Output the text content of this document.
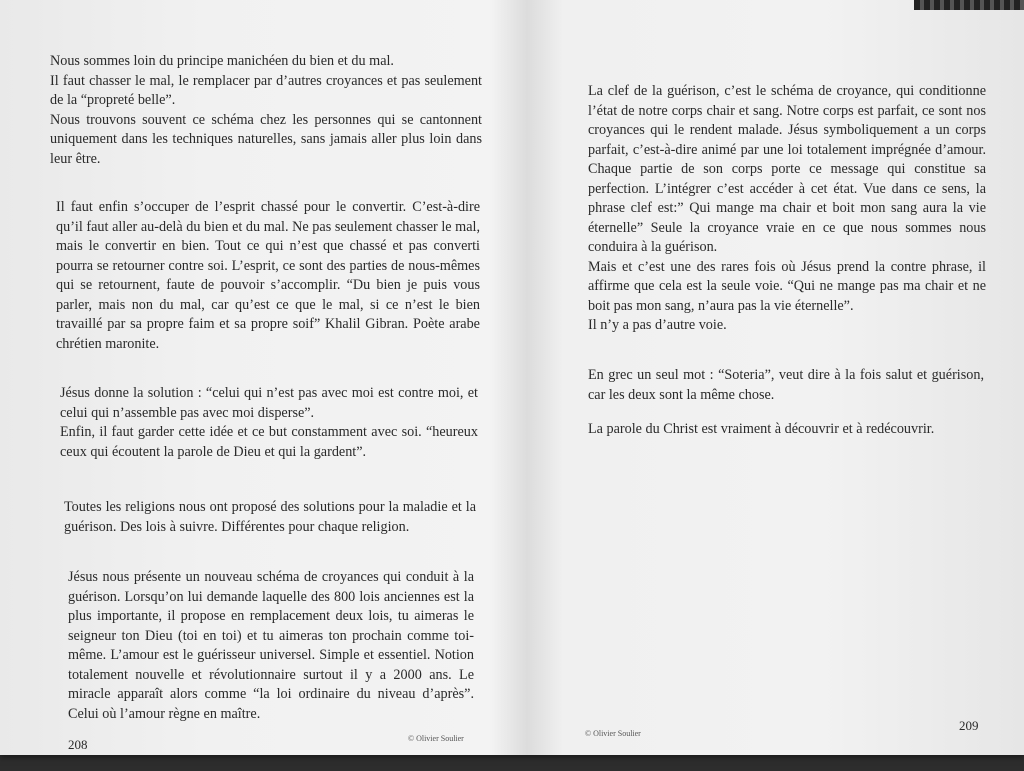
Nous sommes loin du principe manichéen du bien et du mal.

Il faut chasser le mal, le remplacer par d’autres croyances et pas seulement de la “propreté belle”.

Nous trouvons souvent ce schéma chez les personnes qui se cantonnent uniquement dans les techniques naturelles, sans jamais aller plus loin dans leur être.

Il faut enfin s’occuper de l’esprit chassé pour le convertir. C’est-à-dire qu’il faut aller au-delà du bien et du mal. Ne pas seulement chasser le mal, mais le convertir en bien. Tout ce qui n’est que chassé et pas converti pourra se retourner contre soi. L’esprit, ce sont des parties de nous-mêmes qui se retournent, faute de pouvoir s’accomplir. “Du bien je puis vous parler, mais non du mal, car qu’est ce que le mal, si ce n’est le bien travaillé par sa propre faim et sa propre soif” Khalil Gibran. Poète arabe chrétien maronite.

Jésus donne la solution : “celui qui n’est pas avec moi est contre moi, et celui qui n’assemble pas avec moi disperse”.

Enfin, il faut garder cette idée et ce but constamment avec soi. “heureux ceux qui écoutent la parole de Dieu et qui la gardent”.

Toutes les religions nous ont proposé des solutions pour la maladie et la guérison. Des lois à suivre. Différentes pour chaque religion.

Jésus nous présente un nouveau schéma de croyances qui conduit à la guérison. Lorsqu’on lui demande laquelle des 800 lois anciennes est la plus importante, il propose en remplacement deux lois, tu aimeras le seigneur ton Dieu (toi en toi) et tu aimeras ton prochain comme toi-même. L’amour est le guérisseur universel. Simple et essentiel. Notion totalement nouvelle et révolutionnaire surtout il y a 2000 ans. Le miracle apparaît alors comme “la loi ordinaire du niveau d’après”. Celui où l’amour règne en maître.

208	© Olivier Soulier

La clef de la guérison, c’est le schéma de croyance, qui conditionne l’état de notre corps chair et sang. Notre corps est parfait, ce sont nos croyances qui le rendent malade. Jésus symboliquement a un corps parfait, c’est-à-dire animé par une loi totalement imprégnée d’amour. Chaque partie de son corps porte ce message qui constitue sa perfection. L’intégrer c’est accéder à cet état. Vue dans ce sens, la phrase clef est:” Qui mange ma chair et boit mon sang aura la vie éternelle” Seule la croyance vraie en ce que nous sommes nous conduira à la guérison.

Mais et c’est une des rares fois où Jésus prend la contre phrase, il affirme que cela est la seule voie. “Qui ne mange pas ma chair et ne boit pas mon sang, n’aura pas la vie éternelle”.

Il n’y a pas d’autre voie.

En grec un seul mot : “Soteria”, veut dire à la fois salut et guérison, car les deux sont la même chose.

La parole du Christ est vraiment à découvrir et à redécouvrir.

© Olivier Soulier
209
